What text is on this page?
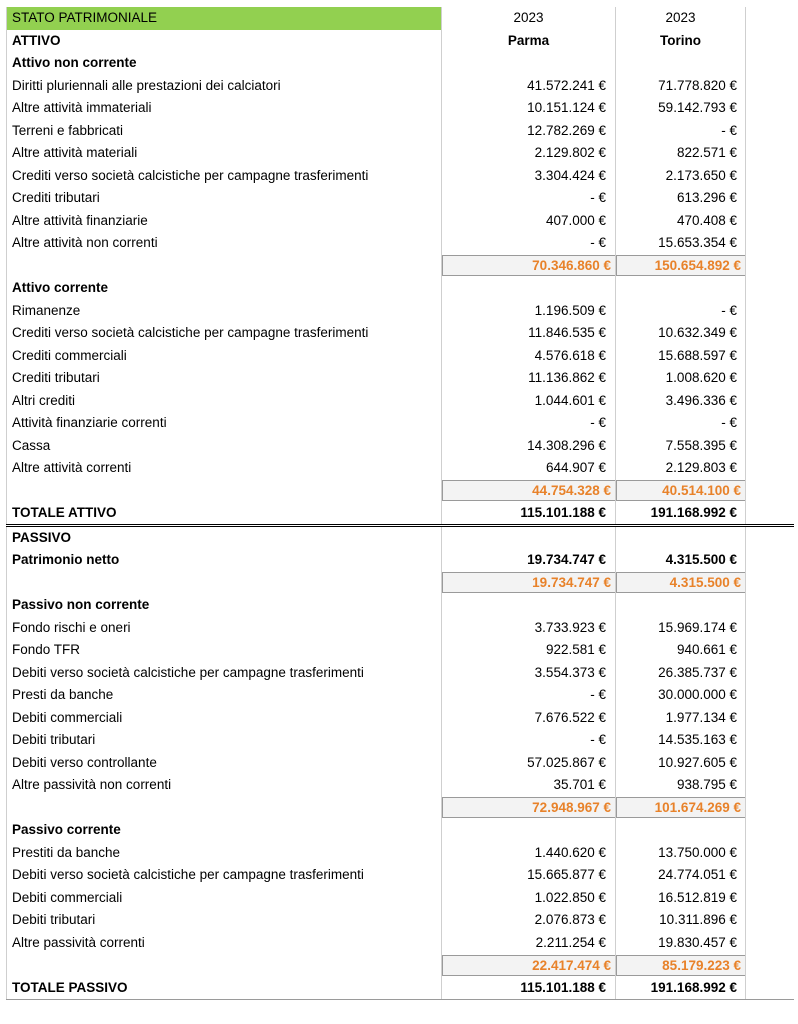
STATO PATRIMONIALE	2023	2023	
ATTIVO	Parma	Torino	
Attivo non corrente			
Diritti pluriennali alle prestazioni dei calciatori	41.572.241 €	71.778.820 €	
Altre attività immateriali	10.151.124 €	59.142.793 €	
Terreni e fabbricati	12.782.269 €	- €	
Altre attività materiali	2.129.802 €	822.571 €	
Crediti verso società calcistiche per campagne trasferimenti	3.304.424 €	2.173.650 €	
Crediti tributari	- €	613.296 €	
Altre attività finanziarie	407.000 €	470.408 €	
Altre attività non correnti	- €	15.653.354 €	

	70.346.860 €	150.654.892 €	

Attivo corrente			
Rimanenze	1.196.509 €	- €	
Crediti verso società calcistiche per campagne trasferimenti	11.846.535 €	10.632.349 €	
Crediti commerciali	4.576.618 €	15.688.597 €	
Crediti tributari	11.136.862 €	1.008.620 €	
Altri crediti	1.044.601 €	3.496.336 €	
Attività finanziarie correnti	- €	- €	
Cassa	14.308.296 €	7.558.395 €	
Altre attività correnti	644.907 €	2.129.803 €	

	44.754.328 €	40.514.100 €	

TOTALE ATTIVO	115.101.188 €	191.168.992 €	
PASSIVO			
Patrimonio netto	19.734.747 €	4.315.500 €	

	19.734.747 €	4.315.500 €	

Passivo non corrente			
Fondo rischi e oneri	3.733.923 €	15.969.174 €	
Fondo TFR	922.581 €	940.661 €	
Debiti verso società calcistiche per campagne trasferimenti	3.554.373 €	26.385.737 €	
Presti da banche	- €	30.000.000 €	
Debiti commerciali	7.676.522 €	1.977.134 €	
Debiti tributari	- €	14.535.163 €	
Debiti verso controllante	57.025.867 €	10.927.605 €	
Altre passività non correnti	35.701 €	938.795 €	

	72.948.967 €	101.674.269 €	

Passivo corrente			
Prestiti da banche	1.440.620 €	13.750.000 €	
Debiti verso società calcistiche per campagne trasferimenti	15.665.877 €	24.774.051 €	
Debiti commerciali	1.022.850 €	16.512.819 €	
Debiti tributari	2.076.873 €	10.311.896 €	
Altre passività correnti	2.211.254 €	19.830.457 €	

	22.417.474 €	85.179.223 €	

TOTALE PASSIVO	115.101.188 €	191.168.992 €	
